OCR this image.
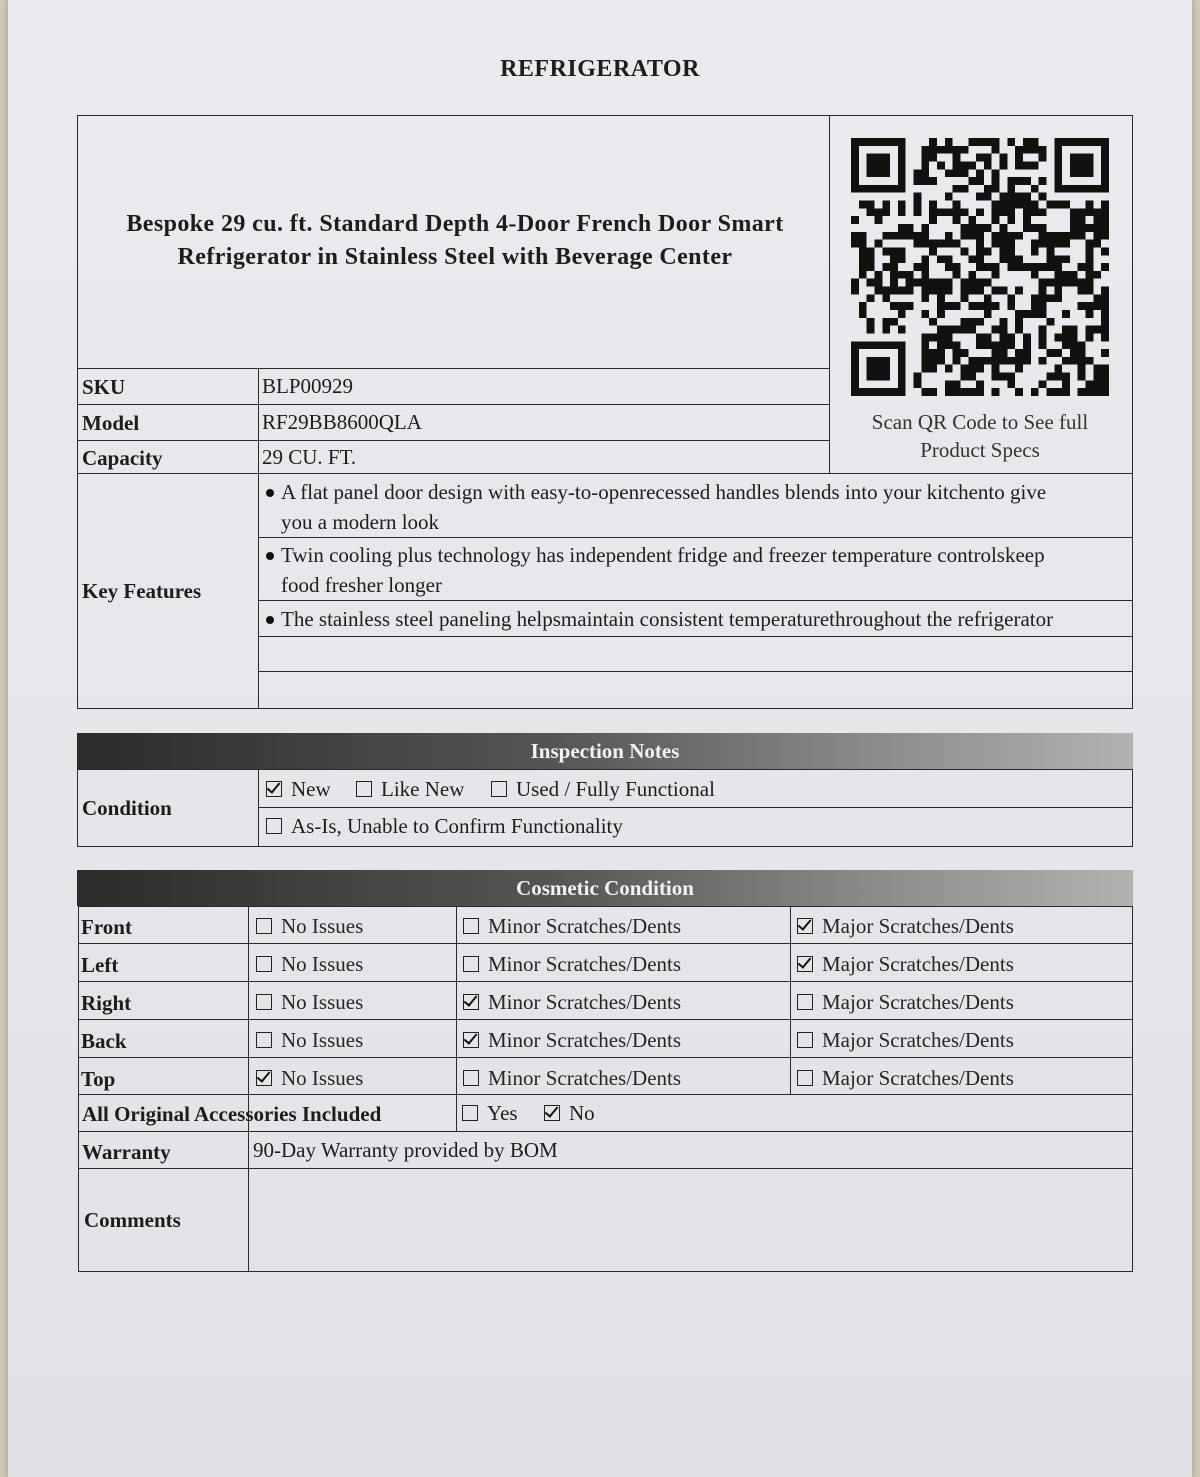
REFRIGERATOR
Bespoke 29 cu. ft. Standard Depth 4-Door French Door Smart
Refrigerator in Stainless Steel with Beverage Center
Scan QR Code to See full
Product Specs
SKU	BLP00929
Model	RF29BB8600QLA
Capacity	29 CU. FT.
Key Features
A flat panel door design with easy-to-openrecessed handles blends into your kitchento give
you a modern look
Twin cooling plus technology has independent fridge and freezer temperature controlskeep
food fresher longer
The stainless steel paneling helpsmaintain consistent temperaturethroughout the refrigerator
Inspection Notes
Condition
New	Like New	Used / Fully Functional
As-Is, Unable to Confirm Functionality
Cosmetic Condition
Front	No Issues	Minor Scratches/Dents	Major Scratches/Dents
Left	No Issues	Minor Scratches/Dents	Major Scratches/Dents
Right	No Issues	Minor Scratches/Dents	Major Scratches/Dents
Back	No Issues	Minor Scratches/Dents	Major Scratches/Dents
Top	No Issues	Minor Scratches/Dents	Major Scratches/Dents
All Original Accessories Included	Yes	No
Warranty	90-Day Warranty provided by BOM
Comments
